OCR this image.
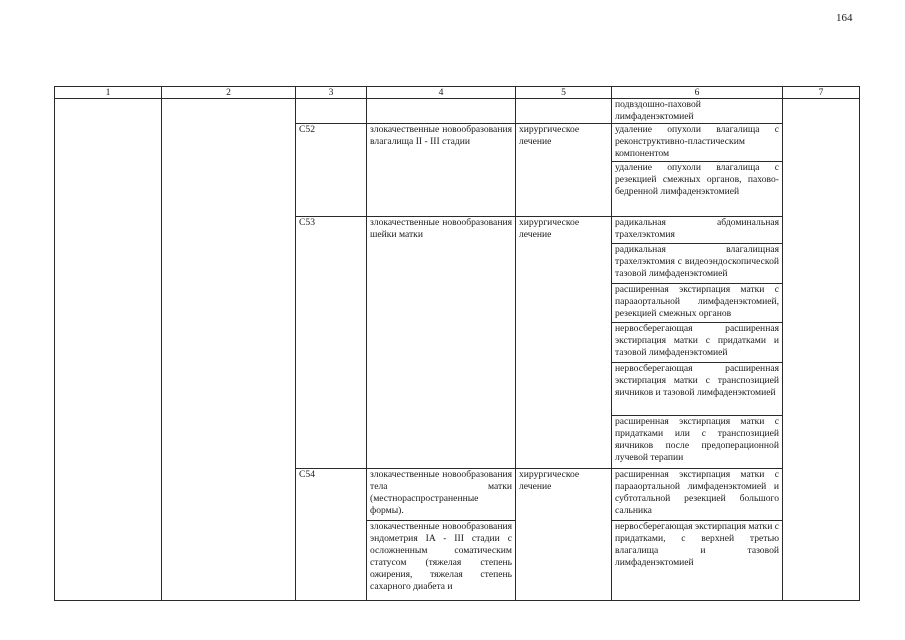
164
1	2	3	4	5	6	7
					подвздошно-паховой лимфаденэктомией	
		C52	злокачественные новообразования влагалища II - III стадии	хирургическое лечение	удаление опухоли влагалища с реконструктивно-пластическим компонентом	
					удаление опухоли влагалища с резекцией смежных органов, пахово-бедренной лимфаденэктомией	
		C53	злокачественные новообразования шейки матки	хирургическое лечение	радикальная абдоминальная трахелэктомия	
					радикальная влагалищная трахелэктомия с видеоэндоскопической тазовой лимфаденэктомией	
					расширенная экстирпация матки с парааортальной лимфаденэктомией, резекцией смежных органов	
					нервосберегающая расширенная экстирпация матки с придатками и тазовой лимфаденэктомией	
					нервосберегающая расширенная экстирпация матки с транспозицией яичников и тазовой лимфаденэктомией	
					расширенная экстирпация матки с придатками или с транспозицией яичников после предоперационной лучевой терапии	
		C54	злокачественные новообразования тела матки (местнораспространенные формы).	хирургическое лечение	расширенная экстирпация матки с парааортальной лимфаденэктомией и субтотальной резекцией большого сальника	
			злокачественные новообразования эндометрия IA - III стадии с осложненным соматическим статусом (тяжелая степень ожирения, тяжелая степень сахарного диабета и		нервосберегающая экстирпация матки с придатками, с верхней третью влагалища и тазовой лимфаденэктомией	
